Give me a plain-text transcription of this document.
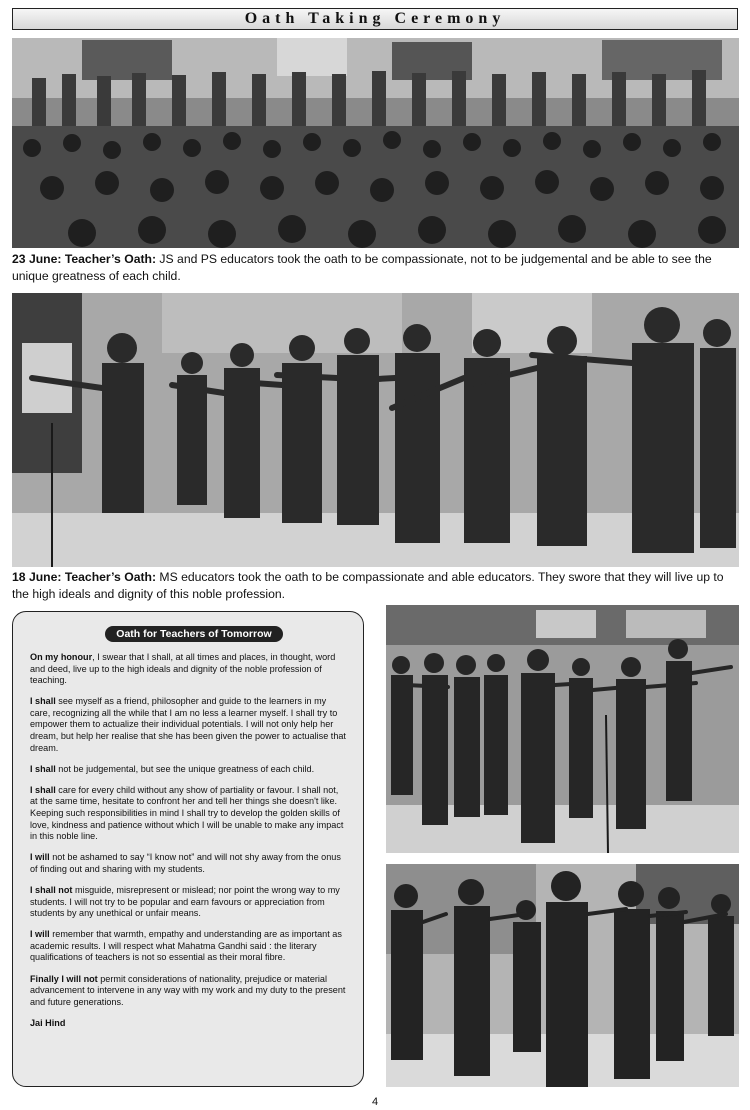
Oath Taking Ceremony
23 June: Teacher’s Oath: JS and PS educators took the oath to be compassionate, not to be judgemental and be able to see the unique greatness of each child.
18 June: Teacher’s Oath: MS educators took the oath to be compassionate and able educators. They swore that they will live up to the high ideals and dignity of this noble profession.
Oath for Teachers of Tomorrow

On my honour, I swear that I shall, at all times and places, in thought, word and deed, live up to the high ideals and dignity of the noble profession of teaching.

I shall see myself as a friend, philosopher and guide to the learners in my care, recognizing all the while that I am no less a learner myself. I shall try to empower them to actualize their individual potentials. I will not only help her dream, but help her realise that she has been given the power to actualise that dream.

I shall not be judgemental, but see the unique greatness of each child.

I shall care for every child without any show of partiality or favour. I shall not, at the same time, hesitate to confront her and tell her things she doesn't like. Keeping such responsibilities in mind I shall try to develop the golden skills of love, kindness and patience without which I will be unable to make any impact in this noble line.

I will not be ashamed to say “I know not” and will not shy away from the onus of finding out and sharing with my students.

I shall not misguide, misrepresent or mislead; nor point the wrong way to my students. I will not try to be popular and earn favours or appreciation from students by any unethical or unfair means.

I will remember that warmth, empathy and understanding are as important as academic results. I will respect what Mahatma Gandhi said : the literary qualifications of teachers is not so essential as their moral fibre.

Finally I will not permit considerations of nationality, prejudice or material advancement to intervene in any way with my work and my duty to the present and future generations.

Jai Hind
4
